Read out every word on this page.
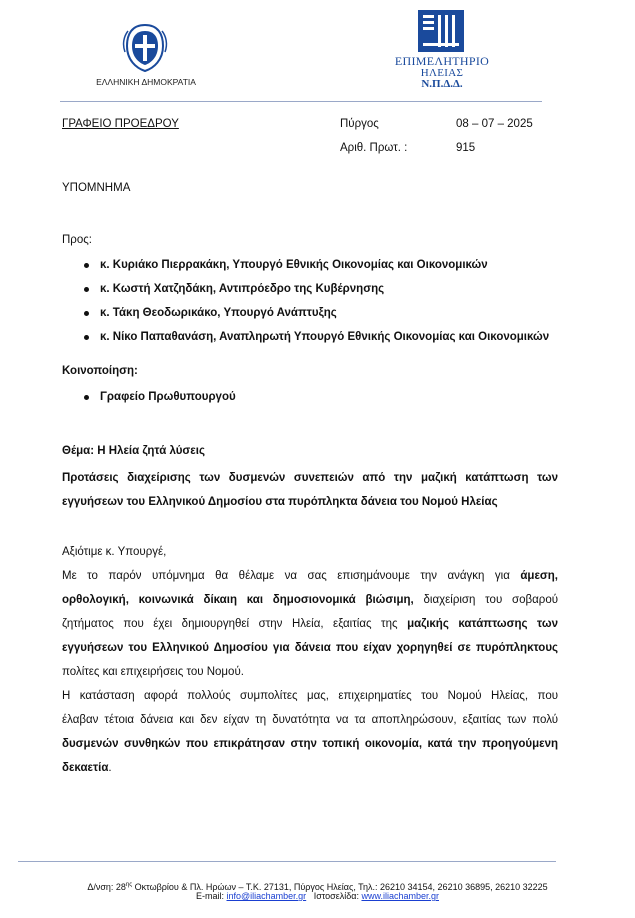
ΕΛΛΗΝΙΚΗ ΔΗΜΟΚΡΑΤΙΑ
ΕΠΙΜΕΛΗΤΗΡΙΟ
ΗΛΕΙΑΣ
Ν.Π.Δ.Δ.
ΓΡΑΦΕΙΟ ΠΡΟΕΔΡΟΥ	Πύργος	08 – 07 – 2025
Αριθ. Πρωτ. :	915
ΥΠΟΜΝΗΜΑ
Προς:
κ. Κυριάκο Πιερρακάκη, Υπουργό Εθνικής Οικονομίας και Οικονομικών
κ. Κωστή Χατζηδάκη, Αντιπρόεδρο της Κυβέρνησης
κ. Τάκη Θεοδωρικάκο, Υπουργό Ανάπτυξης
κ. Νίκο Παπαθανάση, Αναπληρωτή Υπουργό Εθνικής Οικονομίας και Οικονομικών
Κοινοποίηση:
Γραφείο Πρωθυπουργού
Θέμα: Η Ηλεία ζητά λύσεις
Προτάσεις διαχείρισης των δυσμενών συνεπειών από την μαζική κατάπτωση των
εγγυήσεων του Ελληνικού Δημοσίου στα πυρόπληκτα δάνεια του Νομού Ηλείας
Αξιότιμε κ. Υπουργέ,
Με το παρόν υπόμνημα θα θέλαμε να σας επισημάνουμε την ανάγκη για άμεση,
ορθολογική, κοινωνικά δίκαιη και δημοσιονομικά βιώσιμη, διαχείριση του σοβαρού
ζητήματος που έχει δημιουργηθεί στην Ηλεία, εξαιτίας της μαζικής κατάπτωσης των
εγγυήσεων του Ελληνικού Δημοσίου για δάνεια που είχαν χορηγηθεί σε πυρόπληκτους
πολίτες και επιχειρήσεις του Νομού.
Η κατάσταση αφορά πολλούς συμπολίτες μας, επιχειρηματίες του Νομού Ηλείας, που
έλαβαν τέτοια δάνεια και δεν είχαν τη δυνατότητα να τα αποπληρώσουν, εξαιτίας των πολύ
δυσμενών συνθηκών που επικράτησαν στην τοπική οικονομία, κατά την προηγούμενη
δεκαετία.
Δ/νση: $28^{\eta\varsigma}$ Οκτωβρίου & Πλ. Ηρώων – Τ.Κ. 27131, Πύργος Ηλείας, Τηλ.: 26210 34154, 26210 36895, 26210 32225
E-mail: info@iliachamber.gr   Ιστοσελίδα: www.iliachamber.gr
